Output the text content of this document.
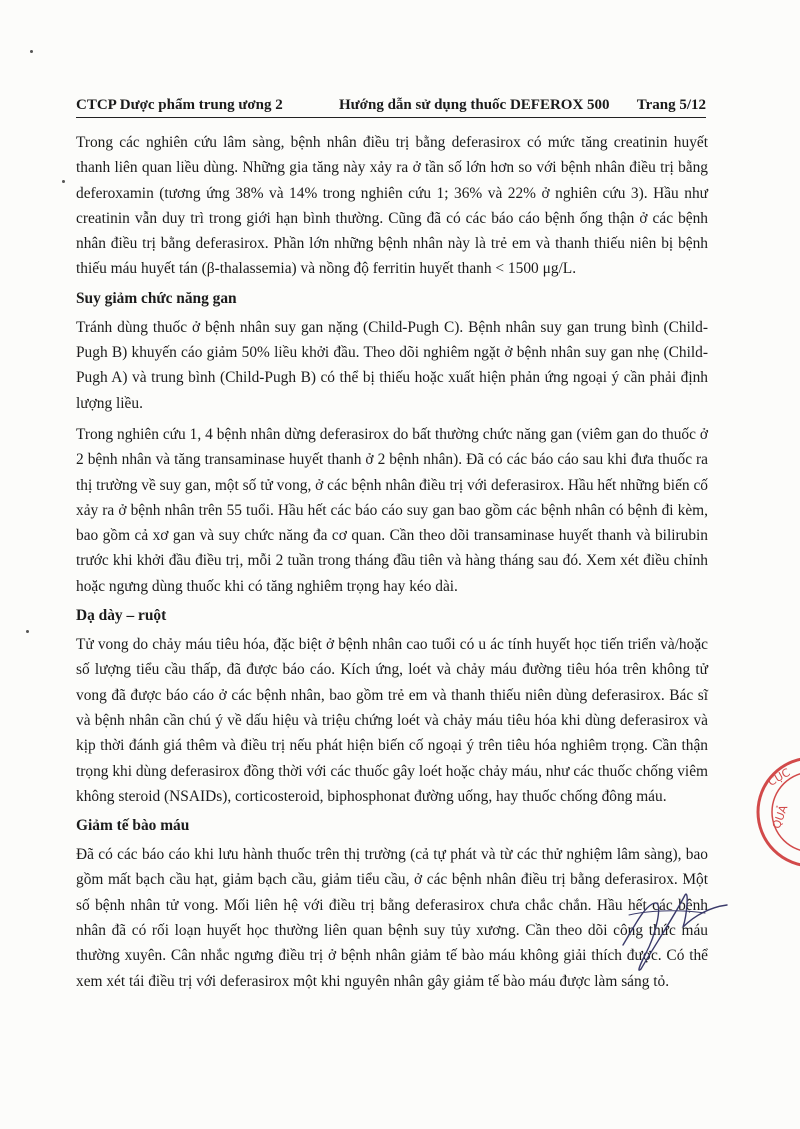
CTCP Dược phẩm trung ương 2	Hướng dẫn sử dụng thuốc DEFEROX 500 Trang 5/12

Trong các nghiên cứu lâm sàng, bệnh nhân điều trị bằng deferasirox có mức tăng creatinin huyết thanh liên quan liều dùng. Những gia tăng này xảy ra ở tần số lớn hơn so với bệnh nhân điều trị bằng deferoxamin (tương ứng 38% và 14% trong nghiên cứu 1; 36% và 22% ở nghiên cứu 3). Hầu như creatinin vẫn duy trì trong giới hạn bình thường. Cũng đã có các báo cáo bệnh ống thận ở các bệnh nhân điều trị bằng deferasirox. Phần lớn những bệnh nhân này là trẻ em và thanh thiếu niên bị bệnh thiếu máu huyết tán (β-thalassemia) và nồng độ ferritin huyết thanh < 1500 μg/L.

Suy giảm chức năng gan

Tránh dùng thuốc ở bệnh nhân suy gan nặng (Child-Pugh C). Bệnh nhân suy gan trung bình (Child-Pugh B) khuyến cáo giảm 50% liều khởi đầu. Theo dõi nghiêm ngặt ở bệnh nhân suy gan nhẹ (Child-Pugh A) và trung bình (Child-Pugh B) có thể bị thiếu hoặc xuất hiện phản ứng ngoại ý cần phải định lượng liều.

Trong nghiên cứu 1, 4 bệnh nhân dừng deferasirox do bất thường chức năng gan (viêm gan do thuốc ở 2 bệnh nhân và tăng transaminase huyết thanh ở 2 bệnh nhân). Đã có các báo cáo sau khi đưa thuốc ra thị trường về suy gan, một số tử vong, ở các bệnh nhân điều trị với deferasirox. Hầu hết những biến cố xảy ra ở bệnh nhân trên 55 tuổi. Hầu hết các báo cáo suy gan bao gồm các bệnh nhân có bệnh đi kèm, bao gồm cả xơ gan và suy chức năng đa cơ quan. Cần theo dõi transaminase huyết thanh và bilirubin trước khi khởi đầu điều trị, mỗi 2 tuần trong tháng đầu tiên và hàng tháng sau đó. Xem xét điều chỉnh hoặc ngưng dùng thuốc khi có tăng nghiêm trọng hay kéo dài.

Dạ dày – ruột

Tử vong do chảy máu tiêu hóa, đặc biệt ở bệnh nhân cao tuổi có u ác tính huyết học tiến triển và/hoặc số lượng tiểu cầu thấp, đã được báo cáo. Kích ứng, loét và chảy máu đường tiêu hóa trên không tử vong đã được báo cáo ở các bệnh nhân, bao gồm trẻ em và thanh thiếu niên dùng deferasirox. Bác sĩ và bệnh nhân cần chú ý về dấu hiệu và triệu chứng loét và chảy máu tiêu hóa khi dùng deferasirox và kịp thời đánh giá thêm và điều trị nếu phát hiện biến cố ngoại ý trên tiêu hóa nghiêm trọng. Cần thận trọng khi dùng deferasirox đồng thời với các thuốc gây loét hoặc chảy máu, như các thuốc chống viêm không steroid (NSAIDs), corticosteroid, biphosphonat đường uống, hay thuốc chống đông máu.

Giảm tế bào máu

Đã có các báo cáo khi lưu hành thuốc trên thị trường (cả tự phát và từ các thử nghiệm lâm sàng), bao gồm mất bạch cầu hạt, giảm bạch cầu, giảm tiểu cầu, ở các bệnh nhân điều trị bằng deferasirox. Một số bệnh nhân tử vong. Mối liên hệ với điều trị bằng deferasirox chưa chắc chắn. Hầu hết các bệnh nhân đã có rối loạn huyết học thường liên quan bệnh suy tủy xương. Cần theo dõi công thức máu thường xuyên. Cân nhắc ngưng điều trị ở bệnh nhân giảm tế bào máu không giải thích được. Có thể xem xét tái điều trị với deferasirox một khi nguyên nhân gây giảm tế bào máu được làm sáng tỏ.

CỤC
QUẢ
